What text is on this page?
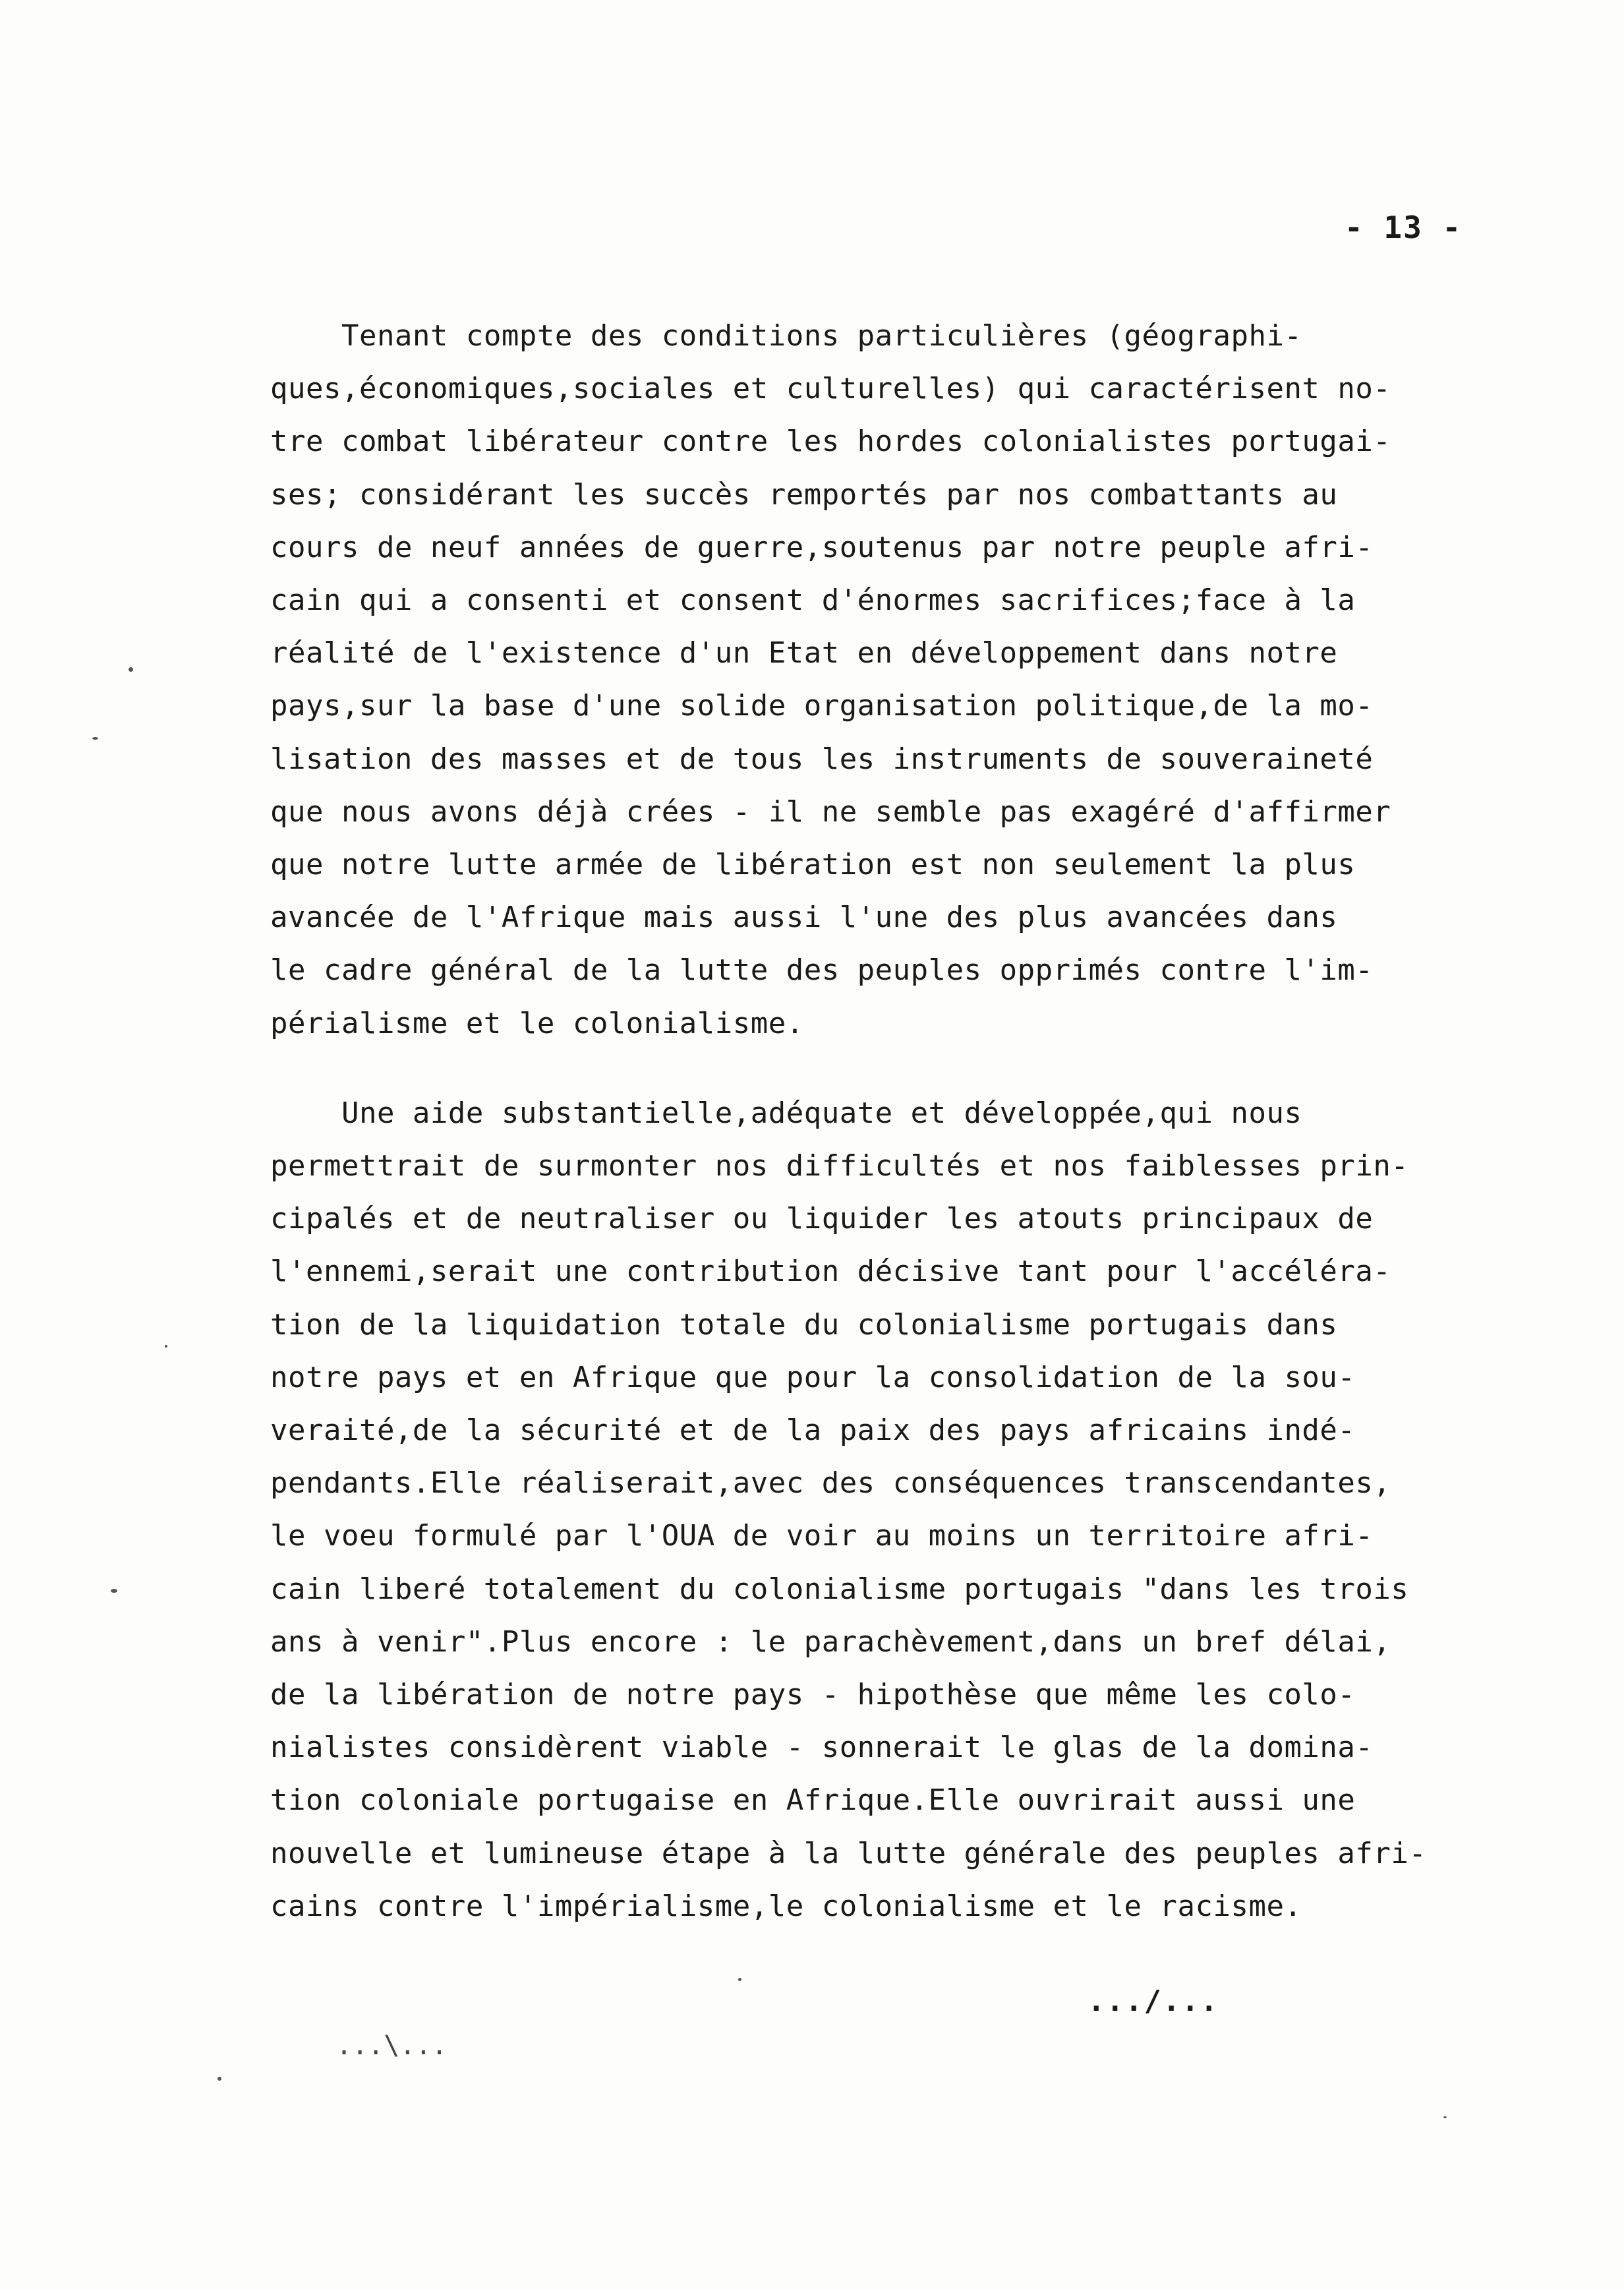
- 13 -
Tenant compte des conditions particulières (géographi-
ques,économiques,sociales et culturelles) qui caractérisent no-
tre combat libérateur contre les hordes colonialistes portugai-
ses; considérant les succès remportés par nos combattants au
cours de neuf années de guerre,soutenus par notre peuple afri-
cain qui a consenti et consent d'énormes sacrifices;face à la
réalité de l'existence d'un Etat en développement dans notre
pays,sur la base d'une solide organisation politique,de la mo-
lisation des masses et de tous les instruments de souveraineté
que nous avons déjà crées - il ne semble pas exagéré d'affirmer
que notre lutte armée de libération est non seulement la plus
avancée de l'Afrique mais aussi l'une des plus avancées dans
le cadre général de la lutte des peuples opprimés contre l'im-
périalisme et le colonialisme.
Une aide substantielle,adéquate et développée,qui nous
permettrait de surmonter nos difficultés et nos faiblesses prin-
cipalés et de neutraliser ou liquider les atouts principaux de
l'ennemi,serait une contribution décisive tant pour l'accéléra-
tion de la liquidation totale du colonialisme portugais dans
notre pays et en Afrique que pour la consolidation de la sou-
veraité,de la sécurité et de la paix des pays africains indé-
pendants.Elle réaliserait,avec des conséquences transcendantes,
le voeu formulé par l'OUA de voir au moins un territoire afri-
cain liberé totalement du colonialisme portugais "dans les trois
ans à venir".Plus encore : le parachèvement,dans un bref délai,
de la libération de notre pays - hipothèse que même les colo-
nialistes considèrent viable - sonnerait le glas de la domina-
tion coloniale portugaise en Afrique.Elle ouvrirait aussi une
nouvelle et lumineuse étape à la lutte générale des peuples afri-
cains contre l'impérialisme,le colonialisme et le racisme.
.../...
...\...
